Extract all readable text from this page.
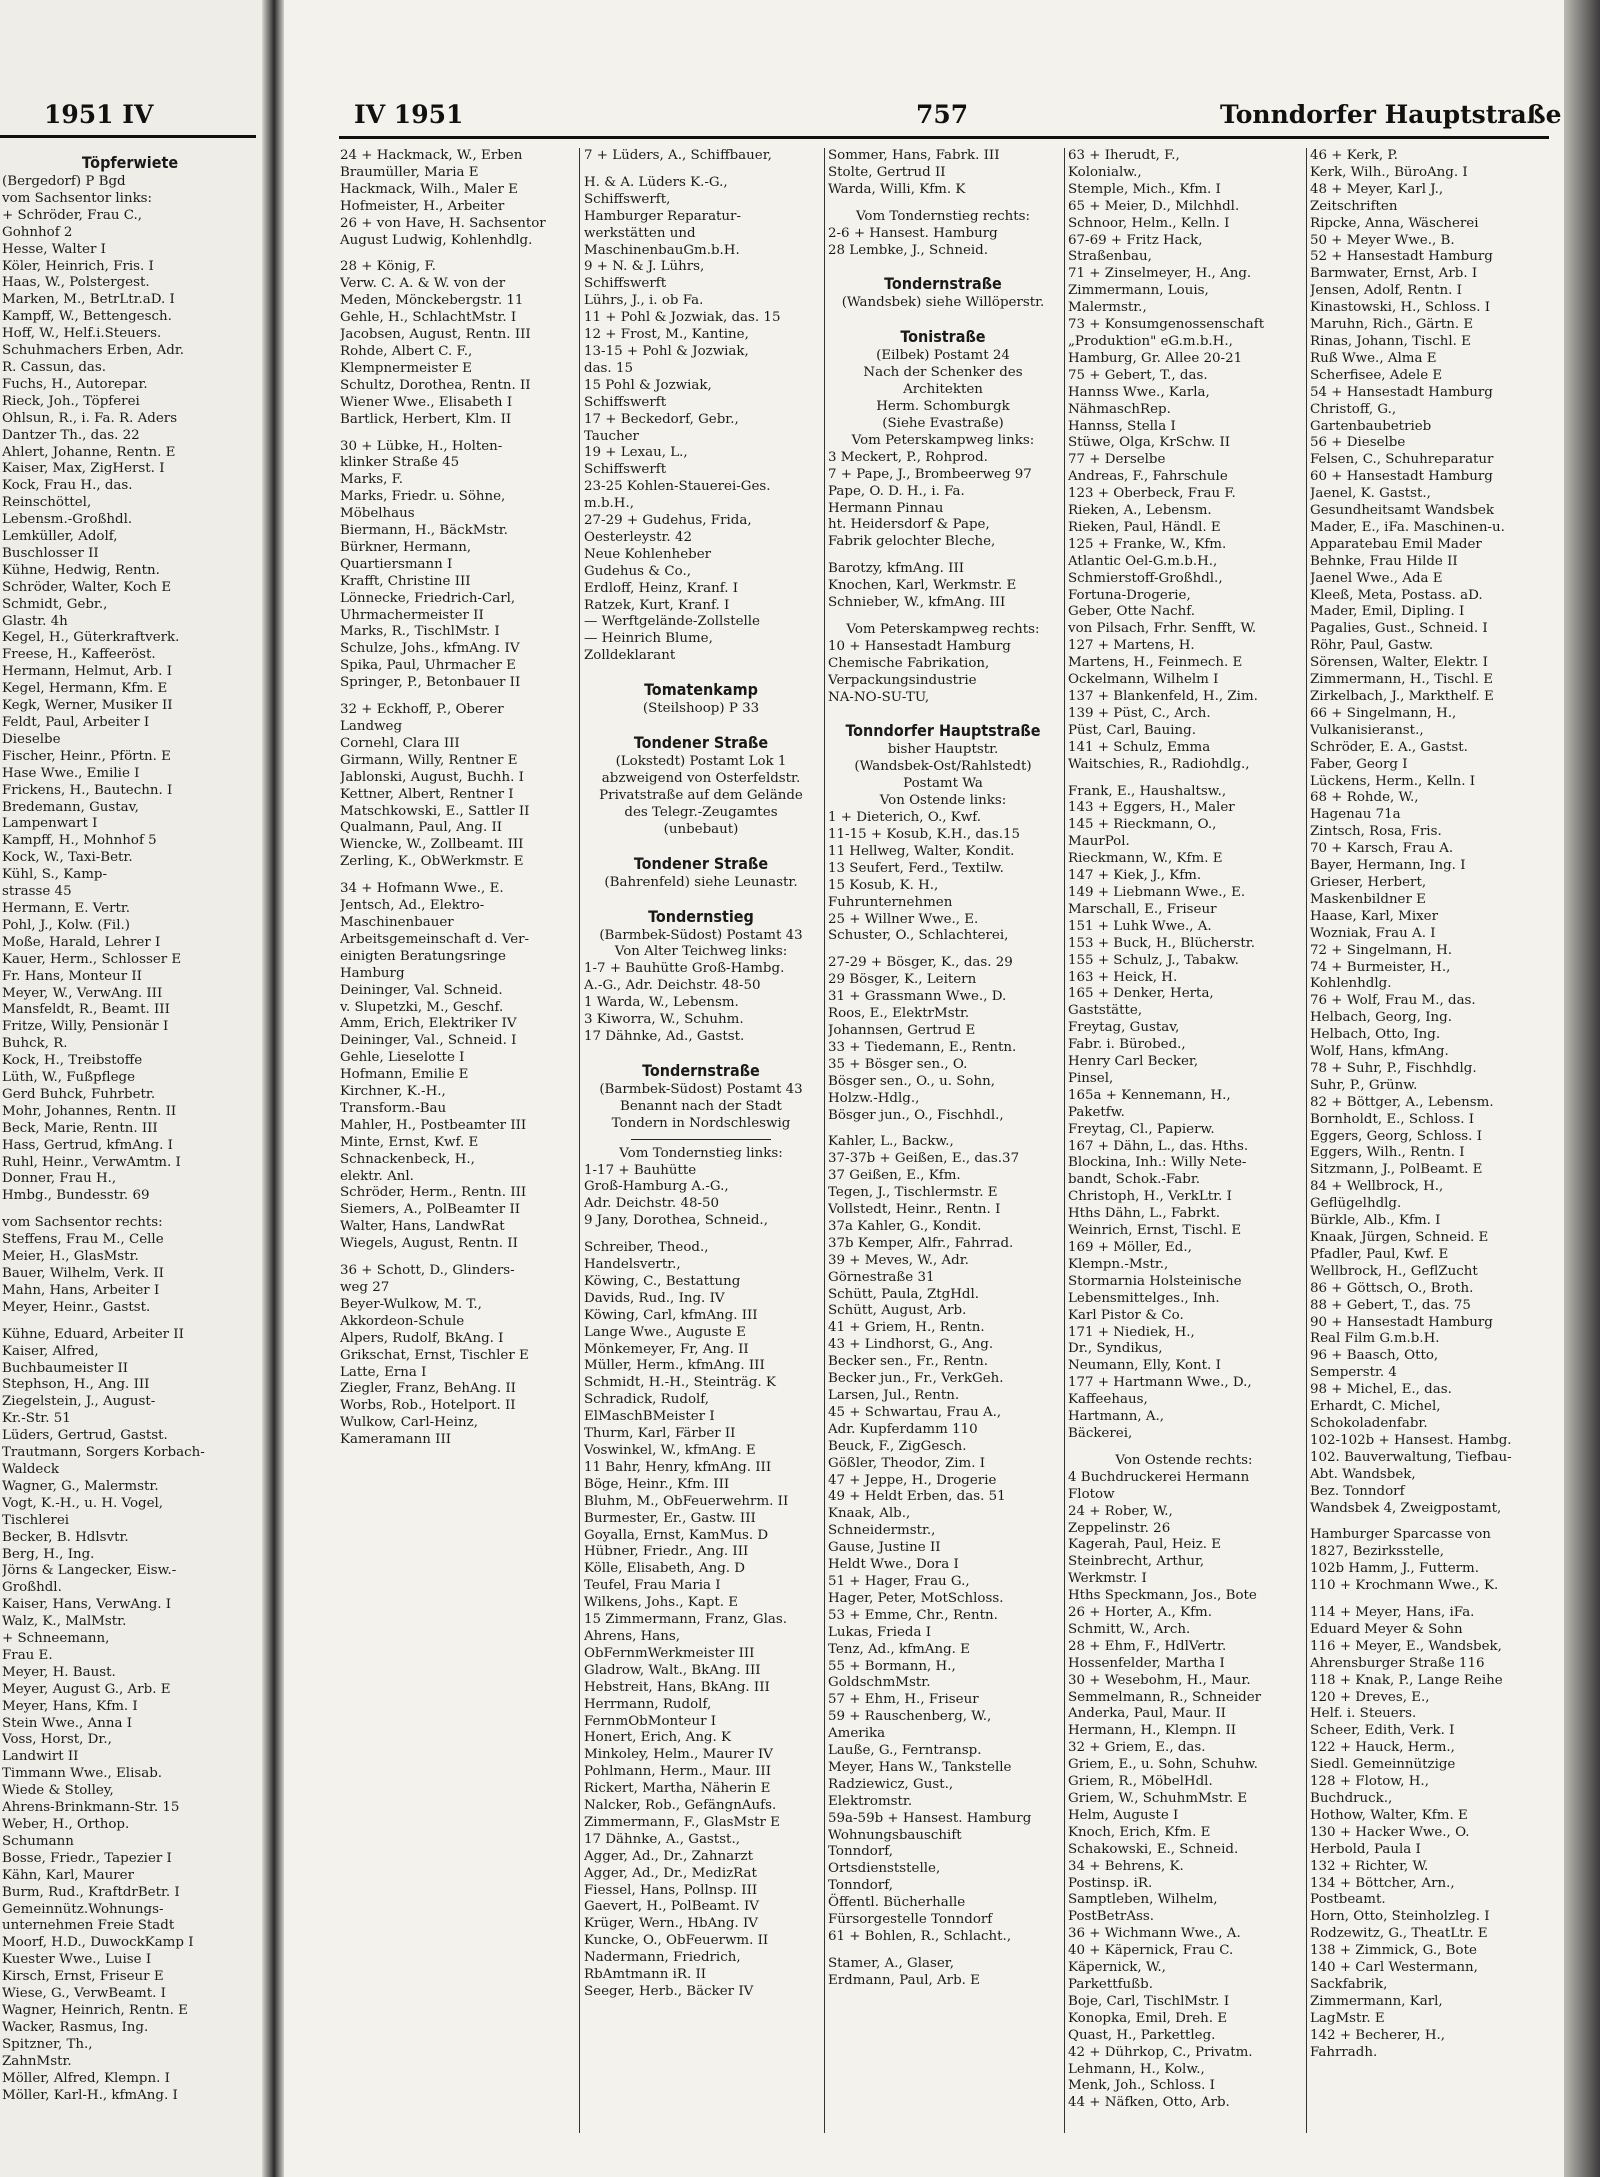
1951 IV
Töpferwiete
(Bergedorf) P Bgd
vom Sachsentor links:
+ Schröder, Frau C.,
Gohnhof 2
Hesse, Walter I
Köler, Heinrich, Fris. I
Haas, W., Polstergest.
Marken, M., BetrLtr.aD. I
Kampff, W., Bettengesch.
Hoff, W., Helf.i.Steuers.
Schuhmachers Erben, Adr.
R. Cassun, das.
Fuchs, H., Autorepar.
Rieck, Joh., Töpferei
Ohlsun, R., i. Fa. R. Aders
Dantzer Th., das. 22
Ahlert, Johanne, Rentn. E
Kaiser, Max, ZigHerst. I
Kock, Frau H., das.
Reinschöttel,
Lebensm.-Großhdl.
Lemküller, Adolf,
Buschlosser II
Kühne, Hedwig, Rentn.
Schröder, Walter, Koch E
Schmidt, Gebr.,
Glastr. 4h
Kegel, H., Güterkraftverk.
Freese, H., Kaffeeröst.
Hermann, Helmut, Arb. I
Kegel, Hermann, Kfm. E
Kegk, Werner, Musiker II
Feldt, Paul, Arbeiter I
Dieselbe
Fischer, Heinr., Pförtn. E
Hase Wwe., Emilie I
Frickens, H., Bautechn. I
Bredemann, Gustav,
Lampenwart I
Kampff, H., Mohnhof 5
Kock, W., Taxi-Betr.
Kühl, S., Kamp-
strasse 45
Hermann, E. Vertr.
Pohl, J., Kolw. (Fil.)
Moße, Harald, Lehrer I
Kauer, Herm., Schlosser E
Fr. Hans, Monteur II
Meyer, W., VerwAng. III
Mansfeldt, R., Beamt. III
Fritze, Willy, Pensionär I
Buhck, R.
Kock, H., Treibstoffe
Lüth, W., Fußpflege
Gerd Buhck, Fuhrbetr.
Mohr, Johannes, Rentn. II
Beck, Marie, Rentn. III
Hass, Gertrud, kfmAng. I
Ruhl, Heinr., VerwAmtm. I
Donner, Frau H.,
Hmbg., Bundesstr. 69
vom Sachsentor rechts:
Steffens, Frau M., Celle
Meier, H., GlasMstr.
Bauer, Wilhelm, Verk. II
Mahn, Hans, Arbeiter I
Meyer, Heinr., Gastst.
Kühne, Eduard, Arbeiter II
Kaiser, Alfred,
Buchbaumeister II
Stephson, H., Ang. III
Ziegelstein, J., August-
Kr.-Str. 51
Lüders, Gertrud, Gastst.
Trautmann, Sorgers Korbach-
Waldeck
Wagner, G., Malermstr.
Vogt, K.-H., u. H. Vogel,
Tischlerei
Becker, B. Hdlsvtr.
Berg, H., Ing.
Jörns & Langecker, Eisw.-
Großhdl.
Kaiser, Hans, VerwAng. I
Walz, K., MalMstr.
+ Schneemann,
Frau E.
Meyer, H. Baust.
Meyer, August G., Arb. E
Meyer, Hans, Kfm. I
Stein Wwe., Anna I
Voss, Horst, Dr.,
Landwirt II
Timmann Wwe., Elisab.
Wiede & Stolley,
Ahrens-Brinkmann-Str. 15
Weber, H., Orthop.
Schumann
Bosse, Friedr., Tapezier I
Kähn, Karl, Maurer
Burm, Rud., KraftdrBetr. I
Gemeinnütz.Wohnungs-
unternehmen Freie Stadt
Moorf, H.D., DuwockKamp I
Kuester Wwe., Luise I
Kirsch, Ernst, Friseur E
Wiese, G., VerwBeamt. I
Wagner, Heinrich, Rentn. E
Wacker, Rasmus, Ing.
Spitzner, Th.,
ZahnMstr.
Möller, Alfred, Klempn. I
Möller, Karl-H., kfmAng. I
IV 1951	757	Tonndorfer Hauptstraße
24 + Hackmack, W., Erben
Braumüller, Maria E
Hackmack, Wilh., Maler E
Hofmeister, H., Arbeiter
26 + von Have, H. Sachsentor
August Ludwig, Kohlenhdlg.
28 + König, F.
Verw. C. A. & W. von der
Meden, Mönckebergstr. 11
Gehle, H., SchlachtMstr. I
Jacobsen, August, Rentn. III
Rohde, Albert C. F.,
Klempnermeister E
Schultz, Dorothea, Rentn. II
Wiener Wwe., Elisabeth I
Bartlick, Herbert, Klm. II
30 + Lübke, H., Holten-
klinker Straße 45
Marks, F.
Marks, Friedr. u. Söhne,
Möbelhaus
Biermann, H., BäckMstr.
Bürkner, Hermann,
Quartiersmann I
Krafft, Christine III
Lönnecke, Friedrich-Carl,
Uhrmachermeister II
Marks, R., TischlMstr. I
Schulze, Johs., kfmAng. IV
Spika, Paul, Uhrmacher E
Springer, P., Betonbauer II
32 + Eckhoff, P., Oberer
Landweg
Cornehl, Clara III
Girmann, Willy, Rentner E
Jablonski, August, Buchh. I
Kettner, Albert, Rentner I
Matschkowski, E., Sattler II
Qualmann, Paul, Ang. II
Wiencke, W., Zollbeamt. III
Zerling, K., ObWerkmstr. E
34 + Hofmann Wwe., E.
Jentsch, Ad., Elektro-
Maschinenbauer
Arbeitsgemeinschaft d. Ver-
einigten Beratungsringe
Hamburg
Deininger, Val. Schneid.
v. Slupetzki, M., Geschf.
Amm, Erich, Elektriker IV
Deininger, Val., Schneid. I
Gehle, Lieselotte I
Hofmann, Emilie E
Kirchner, K.-H.,
Transform.-Bau
Mahler, H., Postbeamter III
Minte, Ernst, Kwf. E
Schnackenbeck, H.,
elektr. Anl.
Schröder, Herm., Rentn. III
Siemers, A., PolBeamter II
Walter, Hans, LandwRat
Wiegels, August, Rentn. II
36 + Schott, D., Glinders-
weg 27
Beyer-Wulkow, M. T.,
Akkordeon-Schule
Alpers, Rudolf, BkAng. I
Grikschat, Ernst, Tischler E
Latte, Erna I
Ziegler, Franz, BehAng. II
Worbs, Rob., Hotelport. II
Wulkow, Carl-Heinz,
Kameramann III
7 + Lüders, A., Schiffbauer,
H. & A. Lüders K.-G.,
Schiffswerft,
Hamburger Reparatur-
werkstätten und
MaschinenbauGm.b.H.
9 + N. & J. Lührs,
Schiffswerft
Lührs, J., i. ob Fa.
11 + Pohl & Jozwiak, das. 15
12 + Frost, M., Kantine,
13-15 + Pohl & Jozwiak,
das. 15
15 Pohl & Jozwiak,
Schiffswerft
17 + Beckedorf, Gebr.,
Taucher
19 + Lexau, L.,
Schiffswerft
23-25 Kohlen-Stauerei-Ges.
m.b.H.,
27-29 + Gudehus, Frida,
Oesterleystr. 42
Neue Kohlenheber
Gudehus & Co.,
Erdloff, Heinz, Kranf. I
Ratzek, Kurt, Kranf. I
— Werftgelände-Zollstelle
— Heinrich Blume,
Zolldeklarant
Tomatenkamp
(Steilshoop) P 33
Tondener Straße
(Lokstedt) Postamt Lok 1
abzweigend von Osterfeldstr.
Privatstraße auf dem Gelände
des Telegr.-Zeugamtes
(unbebaut)
Tondener Straße
(Bahrenfeld) siehe Leunastr.
Tondernstieg
(Barmbek-Südost) Postamt 43
Von Alter Teichweg links:
1-7 + Bauhütte Groß-Hambg.
A.-G., Adr. Deichstr. 48-50
1 Warda, W., Lebensm.
3 Kiworra, W., Schuhm.
17 Dähnke, Ad., Gastst.
Tondernstraße
(Barmbek-Südost) Postamt 43
Benannt nach der Stadt
Tondern in Nordschleswig
Vom Tondernstieg links:
1-17 + Bauhütte
Groß-Hamburg A.-G.,
Adr. Deichstr. 48-50
9 Jany, Dorothea, Schneid.,
Schreiber, Theod.,
Handelsvertr.,
Köwing, C., Bestattung
Davids, Rud., Ing. IV
Köwing, Carl, kfmAng. III
Lange Wwe., Auguste E
Mönkemeyer, Fr, Ang. II
Müller, Herm., kfmAng. III
Schmidt, H.-H., Steinträg. K
Schradick, Rudolf,
ElMaschBMeister I
Thurm, Karl, Färber II
Voswinkel, W., kfmAng. E
11 Bahr, Henry, kfmAng. III
Böge, Heinr., Kfm. III
Bluhm, M., ObFeuerwehrm. II
Burmester, Er., Gastw. III
Goyalla, Ernst, KamMus. D
Hübner, Friedr., Ang. III
Kölle, Elisabeth, Ang. D
Teufel, Frau Maria I
Wilkens, Johs., Kapt. E
15 Zimmermann, Franz, Glas.
Ahrens, Hans,
ObFernmWerkmeister III
Gladrow, Walt., BkAng. III
Hebstreit, Hans, BkAng. III
Herrmann, Rudolf,
FernmObMonteur I
Honert, Erich, Ang. K
Minkoley, Helm., Maurer IV
Pohlmann, Herm., Maur. III
Rickert, Martha, Näherin E
Nalcker, Rob., GefängnAufs.
Zimmermann, F., GlasMstr E
17 Dähnke, A., Gastst.,
Agger, Ad., Dr., Zahnarzt
Agger, Ad., Dr., MedizRat
Fiessel, Hans, Pollnsp. III
Gaevert, H., PolBeamt. IV
Krüger, Wern., HbAng. IV
Kuncke, O., ObFeuerwm. II
Nadermann, Friedrich,
RbAmtmann iR. II
Seeger, Herb., Bäcker IV
Sommer, Hans, Fabrk. III
Stolte, Gertrud II
Warda, Willi, Kfm. K
Vom Tondernstieg rechts:
2-6 + Hansest. Hamburg
28 Lembke, J., Schneid.
Tondernstraße
(Wandsbek) siehe Willöperstr.
Tonistraße
(Eilbek) Postamt 24
Nach der Schenker des
Architekten
Herm. Schomburgk
(Siehe Evastraße)
Vom Peterskampweg links:
3 Meckert, P., Rohprod.
7 + Pape, J., Brombeerweg 97
Pape, O. D. H., i. Fa.
Hermann Pinnau
ht. Heidersdorf & Pape,
Fabrik gelochter Bleche,
Barotzy, kfmAng. III
Knochen, Karl, Werkmstr. E
Schnieber, W., kfmAng. III
Vom Peterskampweg rechts:
10 + Hansestadt Hamburg
Chemische Fabrikation,
Verpackungsindustrie
NA-NO-SU-TU,
Tonndorfer Hauptstraße
bisher Hauptstr.
(Wandsbek-Ost/Rahlstedt)
Postamt Wa
Von Ostende links:
1 + Dieterich, O., Kwf.
11-15 + Kosub, K.H., das.15
11 Hellweg, Walter, Kondit.
13 Seufert, Ferd., Textilw.
15 Kosub, K. H.,
Fuhrunternehmen
25 + Willner Wwe., E.
Schuster, O., Schlachterei,
27-29 + Bösger, K., das. 29
29 Bösger, K., Leitern
31 + Grassmann Wwe., D.
Roos, E., ElektrMstr.
Johannsen, Gertrud E
33 + Tiedemann, E., Rentn.
35 + Bösger sen., O.
Bösger sen., O., u. Sohn,
Holzw.-Hdlg.,
Bösger jun., O., Fischhdl.,
Kahler, L., Backw.,
37-37b + Geißen, E., das.37
37 Geißen, E., Kfm.
Tegen, J., Tischlermstr. E
Vollstedt, Heinr., Rentn. I
37a Kahler, G., Kondit.
37b Kemper, Alfr., Fahrrad.
39 + Meves, W., Adr.
Görnestraße 31
Schütt, Paula, ZtgHdl.
Schütt, August, Arb.
41 + Griem, H., Rentn.
43 + Lindhorst, G., Ang.
Becker sen., Fr., Rentn.
Becker jun., Fr., VerkGeh.
Larsen, Jul., Rentn.
45 + Schwartau, Frau A.,
Adr. Kupferdamm 110
Beuck, F., ZigGesch.
Gößler, Theodor, Zim. I
47 + Jeppe, H., Drogerie
49 + Heldt Erben, das. 51
Knaak, Alb.,
Schneidermstr.,
Gause, Justine II
Heldt Wwe., Dora I
51 + Hager, Frau G.,
Hager, Peter, MotSchloss.
53 + Emme, Chr., Rentn.
Lukas, Frieda I
Tenz, Ad., kfmAng. E
55 + Bormann, H.,
GoldschmMstr.
57 + Ehm, H., Friseur
59 + Rauschenberg, W.,
Amerika
Lauße, G., Ferntransp.
Meyer, Hans W., Tankstelle
Radziewicz, Gust.,
Elektromstr.
59a-59b + Hansest. Hamburg
Wohnungsbauschift
Tonndorf,
Ortsdienststelle,
Tonndorf,
Öffentl. Bücherhalle
Fürsorgestelle Tonndorf
61 + Bohlen, R., Schlacht.,
Stamer, A., Glaser,
Erdmann, Paul, Arb. E
63 + Iherudt, F.,
Kolonialw.,
Stemple, Mich., Kfm. I
65 + Meier, D., Milchhdl.
Schnoor, Helm., Kelln. I
67-69 + Fritz Hack,
Straßenbau,
71 + Zinselmeyer, H., Ang.
Zimmermann, Louis,
Malermstr.,
73 + Konsumgenossenschaft
„Produktion" eG.m.b.H.,
Hamburg, Gr. Allee 20-21
75 + Gebert, T., das.
Hannss Wwe., Karla,
NähmaschRep.
Hannss, Stella I
Stüwe, Olga, KrSchw. II
77 + Derselbe
Andreas, F., Fahrschule
123 + Oberbeck, Frau F.
Rieken, A., Lebensm.
Rieken, Paul, Händl. E
125 + Franke, W., Kfm.
Atlantic Oel-G.m.b.H.,
Schmierstoff-Großhdl.,
Fortuna-Drogerie,
Geber, Otte Nachf.
von Pilsach, Frhr. Senfft, W.
127 + Martens, H.
Martens, H., Feinmech. E
Ockelmann, Wilhelm I
137 + Blankenfeld, H., Zim.
139 + Püst, C., Arch.
Püst, Carl, Bauing.
141 + Schulz, Emma
Waitschies, R., Radiohdlg.,
Frank, E., Haushaltsw.,
143 + Eggers, H., Maler
145 + Rieckmann, O.,
MaurPol.
Rieckmann, W., Kfm. E
147 + Kiek, J., Kfm.
149 + Liebmann Wwe., E.
Marschall, E., Friseur
151 + Luhk Wwe., A.
153 + Buck, H., Blücherstr.
155 + Schulz, J., Tabakw.
163 + Heick, H.
165 + Denker, Herta,
Gaststätte,
Freytag, Gustav,
Fabr. i. Bürobed.,
Henry Carl Becker,
Pinsel,
165a + Kennemann, H.,
Paketfw.
Freytag, Cl., Papierw.
167 + Dähn, L., das. Hths.
Blockina, Inh.: Willy Nete-
bandt, Schok.-Fabr.
Christoph, H., VerkLtr. I
Hths Dähn, L., Fabrkt.
Weinrich, Ernst, Tischl. E
169 + Möller, Ed.,
Klempn.-Mstr.,
Stormarnia Holsteinische
Lebensmittelges., Inh.
Karl Pistor & Co.
171 + Niediek, H.,
Dr., Syndikus,
Neumann, Elly, Kont. I
177 + Hartmann Wwe., D.,
Kaffeehaus,
Hartmann, A.,
Bäckerei,
Von Ostende rechts:
4 Buchdruckerei Hermann
Flotow
24 + Rober, W.,
Zeppelinstr. 26
Kagerah, Paul, Heiz. E
Steinbrecht, Arthur,
Werkmstr. I
Hths Speckmann, Jos., Bote
26 + Horter, A., Kfm.
Schmitt, W., Arch.
28 + Ehm, F., HdlVertr.
Hossenfelder, Martha I
30 + Wesebohm, H., Maur.
Semmelmann, R., Schneider
Anderka, Paul, Maur. II
Hermann, H., Klempn. II
32 + Griem, E., das.
Griem, E., u. Sohn, Schuhw.
Griem, R., MöbelHdl.
Griem, W., SchuhmMstr. E
Helm, Auguste I
Knoch, Erich, Kfm. E
Schakowski, E., Schneid.
34 + Behrens, K.
Postinsp. iR.
Samptleben, Wilhelm,
PostBetrAss.
36 + Wichmann Wwe., A.
40 + Käpernick, Frau C.
Käpernick, W.,
Parkettfußb.
Boje, Carl, TischlMstr. I
Konopka, Emil, Dreh. E
Quast, H., Parkettleg.
42 + Dührkop, C., Privatm.
Lehmann, H., Kolw.,
Menk, Joh., Schloss. I
44 + Näfken, Otto, Arb.
46 + Kerk, P.
Kerk, Wilh., BüroAng. I
48 + Meyer, Karl J.,
Zeitschriften
Ripcke, Anna, Wäscherei
50 + Meyer Wwe., B.
52 + Hansestadt Hamburg
Barmwater, Ernst, Arb. I
Jensen, Adolf, Rentn. I
Kinastowski, H., Schloss. I
Maruhn, Rich., Gärtn. E
Rinas, Johann, Tischl. E
Ruß Wwe., Alma E
Scherfisee, Adele E
54 + Hansestadt Hamburg
Christoff, G.,
Gartenbaubetrieb
56 + Dieselbe
Felsen, C., Schuhreparatur
60 + Hansestadt Hamburg
Jaenel, K. Gastst.,
Gesundheitsamt Wandsbek
Mader, E., iFa. Maschinen-u.
Apparatebau Emil Mader
Behnke, Frau Hilde II
Jaenel Wwe., Ada E
Kleeß, Meta, Postass. aD.
Mader, Emil, Dipling. I
Pagalies, Gust., Schneid. I
Röhr, Paul, Gastw.
Sörensen, Walter, Elektr. I
Zimmermann, H., Tischl. E
Zirkelbach, J., Markthelf. E
66 + Singelmann, H.,
Vulkanisieranst.,
Schröder, E. A., Gastst.
Faber, Georg I
Lückens, Herm., Kelln. I
68 + Rohde, W.,
Hagenau 71a
Zintsch, Rosa, Fris.
70 + Karsch, Frau A.
Bayer, Hermann, Ing. I
Grieser, Herbert,
Maskenbildner E
Haase, Karl, Mixer
Wozniak, Frau A. I
72 + Singelmann, H.
74 + Burmeister, H.,
Kohlenhdlg.
76 + Wolf, Frau M., das.
Helbach, Georg, Ing.
Helbach, Otto, Ing.
Wolf, Hans, kfmAng.
78 + Suhr, P., Fischhdlg.
Suhr, P., Grünw.
82 + Böttger, A., Lebensm.
Bornholdt, E., Schloss. I
Eggers, Georg, Schloss. I
Eggers, Wilh., Rentn. I
Sitzmann, J., PolBeamt. E
84 + Wellbrock, H.,
Geflügelhdlg.
Bürkle, Alb., Kfm. I
Knaak, Jürgen, Schneid. E
Pfadler, Paul, Kwf. E
Wellbrock, H., GeflZucht
86 + Göttsch, O., Broth.
88 + Gebert, T., das. 75
90 + Hansestadt Hamburg
Real Film G.m.b.H.
96 + Baasch, Otto,
Semperstr. 4
98 + Michel, E., das.
Erhardt, C. Michel,
Schokoladenfabr.
102-102b + Hansest. Hambg.
102. Bauverwaltung, Tiefbau-
Abt. Wandsbek,
Bez. Tonndorf
Wandsbek 4, Zweigpostamt,
Hamburger Sparcasse von
1827, Bezirksstelle,
102b Hamm, J., Futterm.
110 + Krochmann Wwe., K.
114 + Meyer, Hans, iFa.
Eduard Meyer & Sohn
116 + Meyer, E., Wandsbek,
Ahrensburger Straße 116
118 + Knak, P., Lange Reihe
120 + Dreves, E.,
Helf. i. Steuers.
Scheer, Edith, Verk. I
122 + Hauck, Herm.,
Siedl. Gemeinnützige
128 + Flotow, H.,
Buchdruck.,
Hothow, Walter, Kfm. E
130 + Hacker Wwe., O.
Herbold, Paula I
132 + Richter, W.
134 + Böttcher, Arn.,
Postbeamt.
Horn, Otto, Steinholzleg. I
Rodzewitz, G., TheatLtr. E
138 + Zimmick, G., Bote
140 + Carl Westermann,
Sackfabrik,
Zimmermann, Karl,
LagMstr. E
142 + Becherer, H.,
Fahrradh.
